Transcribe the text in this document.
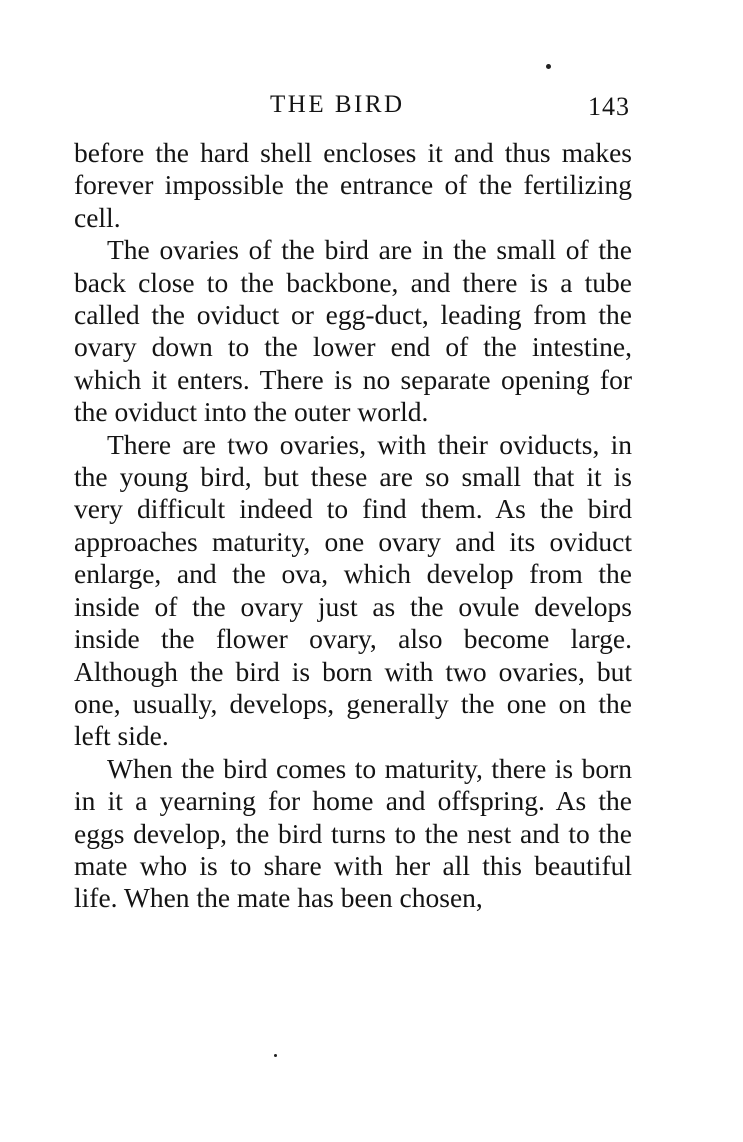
THE BIRD	143

before the hard shell encloses it and thus makes forever impossible the entrance of the fertilizing cell.

The ovaries of the bird are in the small of the back close to the backbone, and there is a tube called the oviduct or egg-duct, leading from the ovary down to the lower end of the intestine, which it enters. There is no separate opening for the oviduct into the outer world.

There are two ovaries, with their oviducts, in the young bird, but these are so small that it is very difficult indeed to find them. As the bird approaches maturity, one ovary and its oviduct enlarge, and the ova, which develop from the inside of the ovary just as the ovule develops inside the flower ovary, also become large. Although the bird is born with two ovaries, but one, usually, develops, generally the one on the left side.

When the bird comes to maturity, there is born in it a yearning for home and offspring. As the eggs develop, the bird turns to the nest and to the mate who is to share with her all this beautiful life. When the mate has been chosen,
